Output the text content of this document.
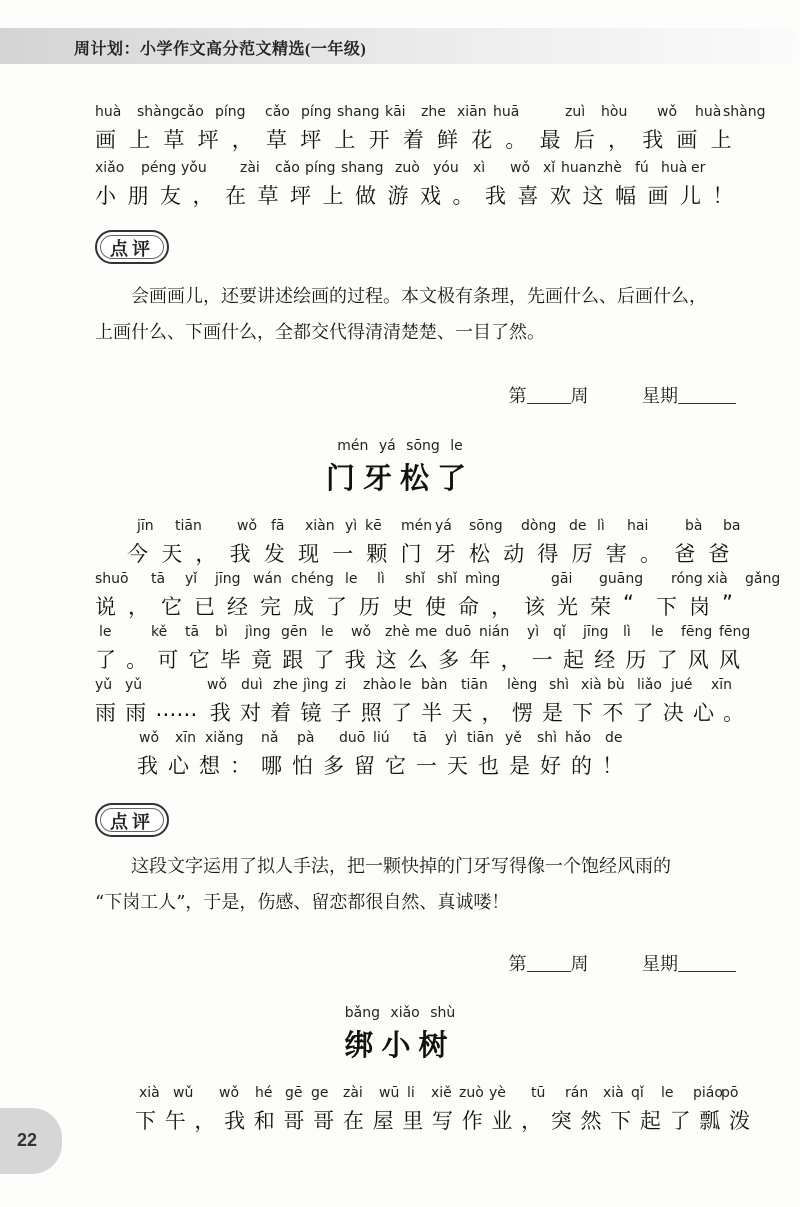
周计划：小学作文高分范文精选(一年级)
huà shàng cǎo píng cǎo píng shang kāi zhe xiān huā	zuì hòu wǒ huà shàng
画 上 草 坪 ， 草 坪 上 开 着 鲜 花 。 最 后 ， 我 画 上
xiǎo péng yǒu zài cǎo píng shang zuò yóu xì wǒ xǐ huan zhè fú huà er
小 朋 友 ， 在 草 坪 上 做 游 戏 。 我 喜 欢 这 幅 画 儿 ！
点评

会画画儿，还要讲述绘画的过程。本文极有条理，先画什么、后画什么，

上画什么、下画什么，全都交代得清清楚楚、一目了然。

第 周	星期
mén yá sōng le
门牙松了
jīn tiān	wǒ fā xiàn yì kē mén yá sōng dòng de lì hai	bà ba
今 天 ， 我 发 现 一 颗 门 牙 松 动 得 厉 害 。 爸 爸
shuō tā yǐ jīng wán chéng le lì shǐ shǐ mìng	gāi guāng róng xià gǎng
说 ， 它 已 经 完 成 了 历 史 使 命 ， 该 光 荣 “ 下 岗 ”
le	kě tā bì jìng gēn le wǒ zhè me duō nián yì qǐ jīng lì le fēng fēng
了 。 可 它 毕 竟 跟 了 我 这 么 多 年 ， 一 起 经 历 了 风 风
yǔ yǔ	wǒ duì zhe jìng zi zhào le bàn tiān lèng shì xià bù liǎo jué xīn
雨 雨 …… 我 对 着 镜 子 照 了 半 天 ， 愣 是 下 不 了 决 心 。
wǒ xīn xiǎng nǎ pà duō liú tā yì tiān yě shì hǎo de
我 心 想 ： 哪 怕 多 留 它 一 天 也 是 好 的 ！
点评

这段文字运用了拟人手法，把一颗快掉的门牙写得像一个饱经风雨的

“下岗工人”，于是，伤感、留恋都很自然、真诚喽！

第 周	星期
bǎng xiǎo shù
绑小树
xià wǔ wǒ hé gē ge zài wū li xiě zuò yè tū rán xià qǐ le piáo
pō
下 午 ， 我 和 哥 哥 在 屋 里 写 作 业 ， 突 然 下 起 了 瓢 泼
22
